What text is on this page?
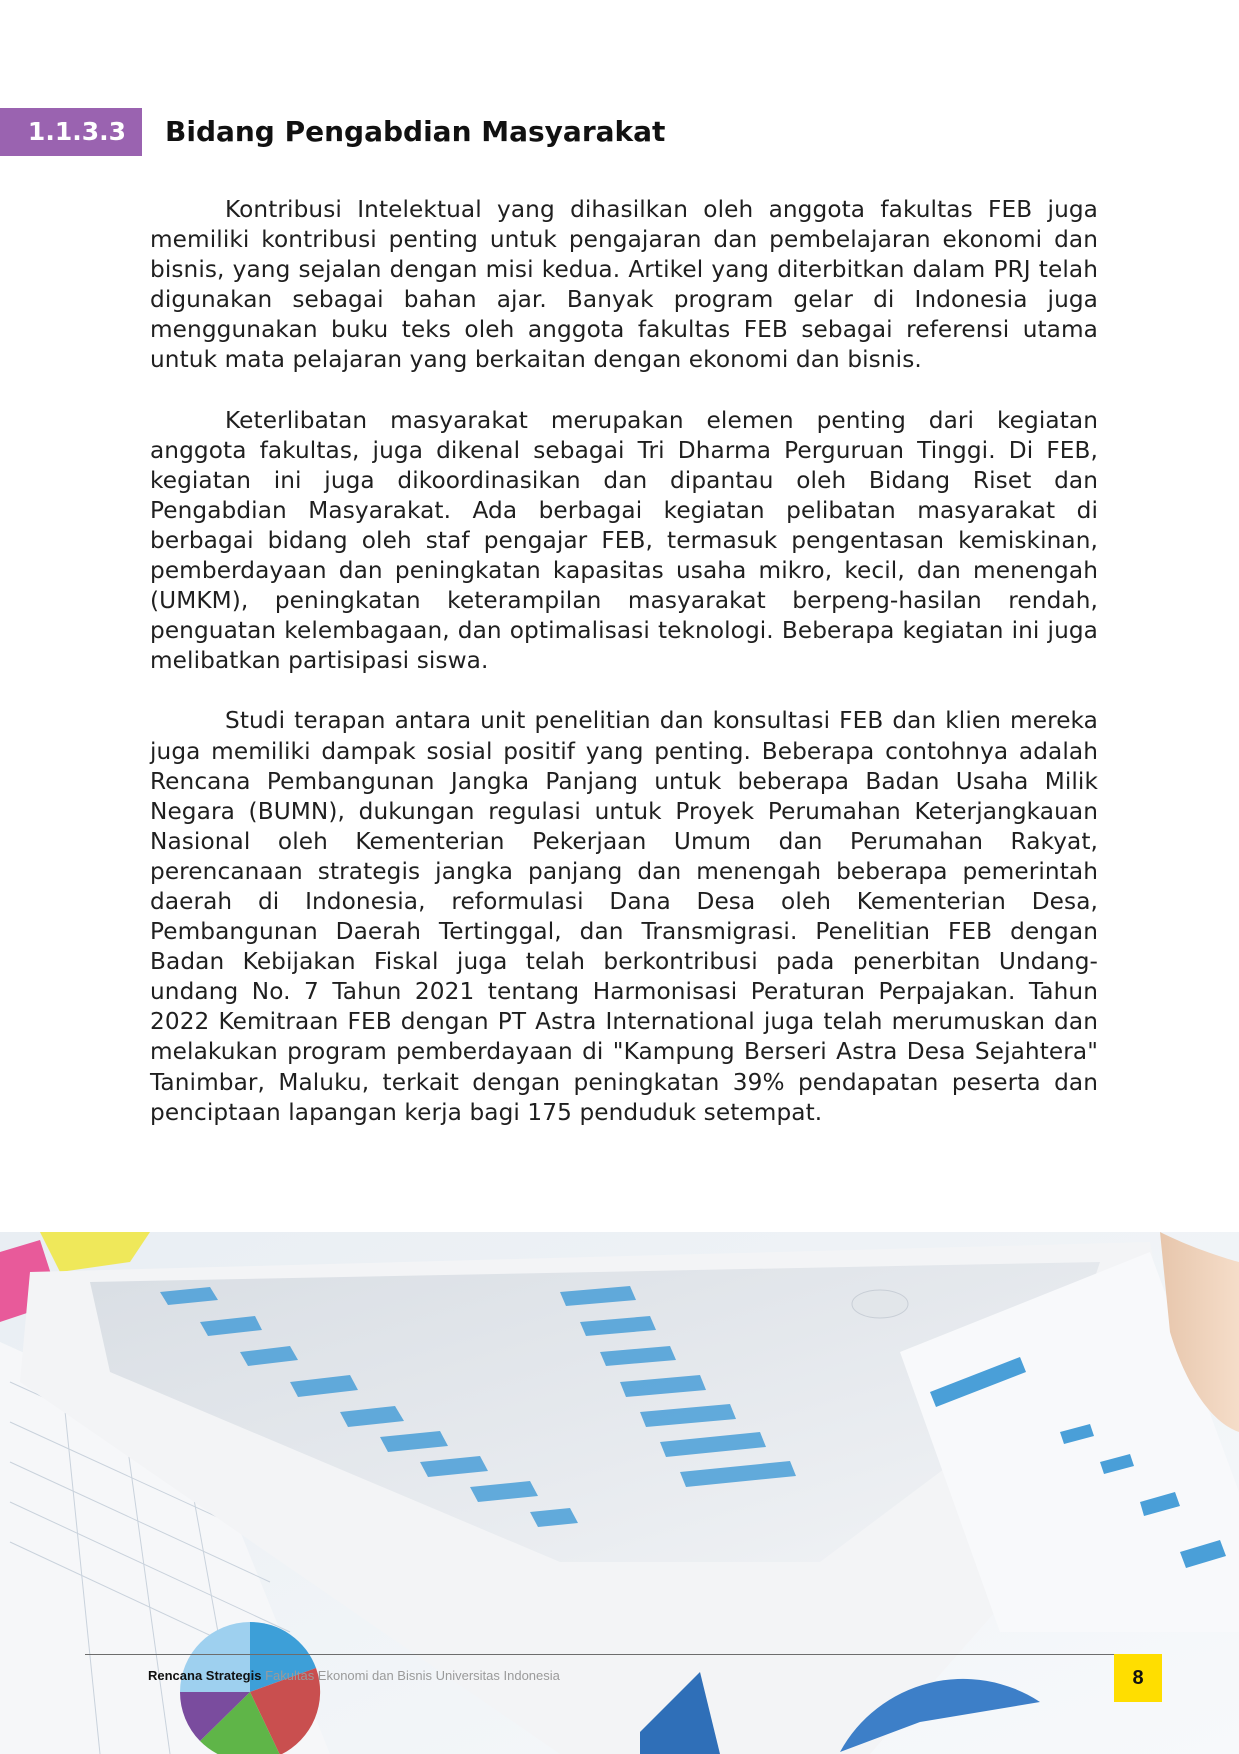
1.1.3.3	Bidang Pengabdian Masyarakat

Kontribusi Intelektual yang dihasilkan oleh anggota fakultas FEB juga memiliki kontribusi penting untuk pengajaran dan pembelajaran ekonomi dan bisnis, yang sejalan dengan misi kedua. Artikel yang diterbitkan dalam PRJ telah digunakan sebagai bahan ajar. Banyak program gelar di Indonesia juga menggunakan buku teks oleh anggota fakultas FEB sebagai referensi utama untuk mata pelajaran yang berkaitan dengan ekonomi dan bisnis.

Keterlibatan masyarakat merupakan elemen penting dari kegiatan anggota fakultas, juga dikenal sebagai Tri Dharma Perguruan Tinggi. Di FEB, kegiatan ini juga dikoordinasikan dan dipantau oleh Bidang Riset dan Pengabdian Masyarakat. Ada berbagai kegiatan pelibatan masyarakat di berbagai bidang oleh staf pengajar FEB, termasuk pengentasan kemiskinan, pemberdayaan dan peningkatan kapasitas usaha mikro, kecil, dan menengah (UMKM), peningkatan keterampilan masyarakat berpeng-hasilan rendah, penguatan kelembagaan, dan optimalisasi teknologi. Beberapa kegiatan ini juga melibatkan partisipasi siswa.

Studi terapan antara unit penelitian dan konsultasi FEB dan klien mereka juga memiliki dampak sosial positif yang penting. Beberapa contohnya adalah Rencana Pembangunan Jangka Panjang untuk beberapa Badan Usaha Milik Negara (BUMN), dukungan regulasi untuk Proyek Perumahan Keterjangkauan Nasional oleh Kementerian Pekerjaan Umum dan Perumahan Rakyat, perencanaan strategis jangka panjang dan menengah beberapa pemerintah daerah di Indonesia, reformulasi Dana Desa oleh Kementerian Desa, Pembangunan Daerah Tertinggal, dan Transmigrasi. Penelitian FEB dengan Badan Kebijakan Fiskal juga telah berkontribusi pada penerbitan Undang-undang No. 7 Tahun 2021 tentang Harmonisasi Peraturan Perpajakan. Tahun 2022 Kemitraan FEB dengan PT Astra International juga telah merumuskan dan melakukan program pemberdayaan di "Kampung Berseri Astra Desa Sejahtera" Tanimbar, Maluku, terkait dengan peningkatan 39% pendapatan peserta dan penciptaan lapangan kerja bagi 175 penduduk setempat.

Rencana Strategis Fakultas Ekonomi dan Bisnis Universitas Indonesia	8
